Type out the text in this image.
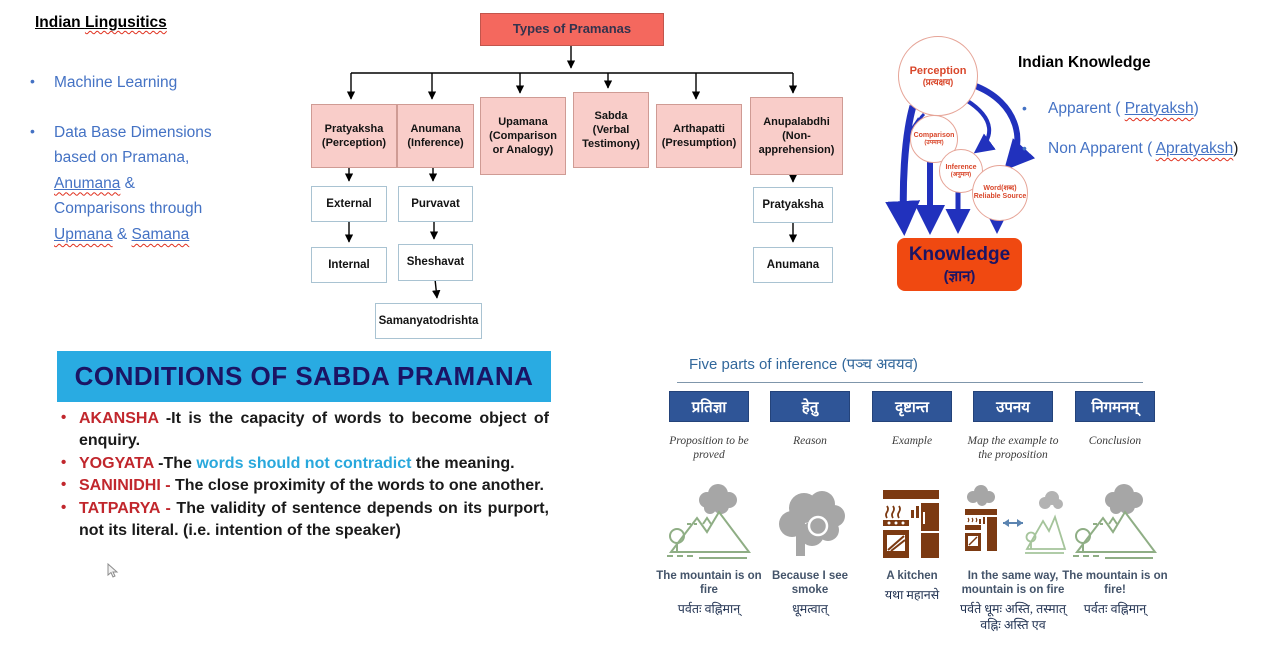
Indian Lingusitics
• Machine Learning
• Data Base Dimensions based on Pramana, Anumana & Comparisons through Upmana & Samana
Types of Pramanas
Pratyaksha
(Perception)
Anumana
(Inference)
Upamana
(Comparison or Analogy)
Sabda
(Verbal Testimony)
Arthapatti
(Presumption)
Anupalabdhi
(Non-apprehension)
External
Internal
Purvavat
Sheshavat
Samanyatodrishta
Pratyaksha
Anumana
Perception
(प्रत्यक्षय)
Comparison
(उपमान)
Inference
(अनुमान)
Word(शब्द)
Reliable Source
Knowledge
(ज्ञान)
Indian Knowledge
• Apparent ( Pratyaksh)
• Non Apparent ( Apratyaksh)
CONDITIONS OF SABDA PRAMANA
• AKANSHA -It is the capacity of words to become object of enquiry.
• YOGYATA -The words should not contradict the meaning.
• SANINIDHI - The close proximity of the words to one another.
• TATPARYA - The validity of sentence depends on its purport, not its literal. (i.e. intention of the speaker)
Five parts of inference (पञ्च अवयव)
प्रतिज्ञा
Proposition to be proved
The mountain is on fire
पर्वतः वह्निमान्
हेतु
Reason
Because I see smoke
धूमत्वात्
दृष्टान्त
Example
A kitchen
यथा महानसे
उपनय
Map the example to the proposition
In the same way, mountain is on fire
पर्वते धूमः अस्ति, तस्मात् वह्निः अस्ति एव
निगमनम्
Conclusion
The mountain is on fire!
पर्वतः वह्निमान्
